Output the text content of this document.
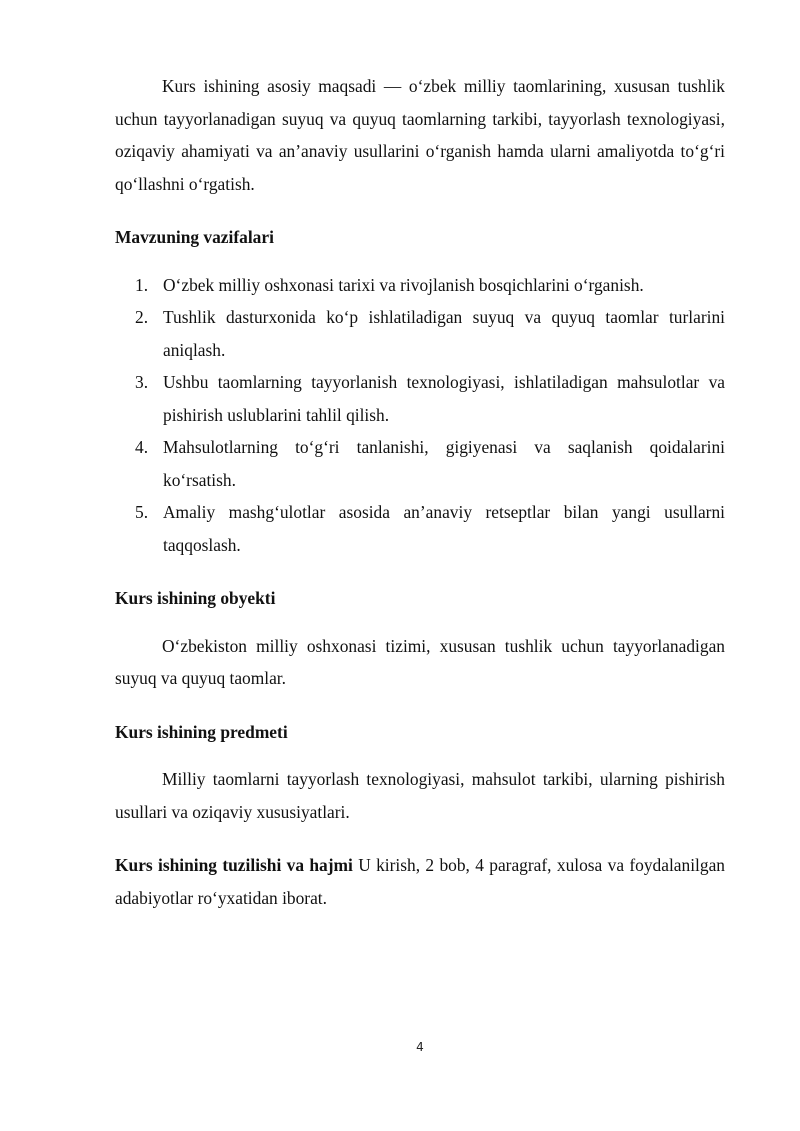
Kurs ishining asosiy maqsadi — o‘zbek milliy taomlarining, xususan tushlik uchun tayyorlanadigan suyuq va quyuq taomlarning tarkibi, tayyorlash texnologiyasi, oziqaviy ahamiyati va an’anaviy usullarini o‘rganish hamda ularni amaliyotda to‘g‘ri qo‘llashni o‘rgatish.

Mavzuning vazifalari

1. O‘zbek milliy oshxonasi tarixi va rivojlanish bosqichlarini o‘rganish.
2. Tushlik dasturxonida ko‘p ishlatiladigan suyuq va quyuq taomlar turlarini aniqlash.
3. Ushbu taomlarning tayyorlanish texnologiyasi, ishlatiladigan mahsulotlar va pishirish uslublarini tahlil qilish.
4. Mahsulotlarning to‘g‘ri tanlanishi, gigiyenasi va saqlanish qoidalarini ko‘rsatish.
5. Amaliy mashg‘ulotlar asosida an’anaviy retseptlar bilan yangi usullarni taqqoslash.

Kurs ishining obyekti

O‘zbekiston milliy oshxonasi tizimi, xususan tushlik uchun tayyorlanadigan suyuq va quyuq taomlar.

Kurs ishining predmeti

Milliy taomlarni tayyorlash texnologiyasi, mahsulot tarkibi, ularning pishirish usullari va oziqaviy xususiyatlari.

Kurs ishining tuzilishi va hajmi U kirish, 2 bob, 4 paragraf, xulosa va foydalanilgan adabiyotlar ro‘yxatidan iborat.

4
